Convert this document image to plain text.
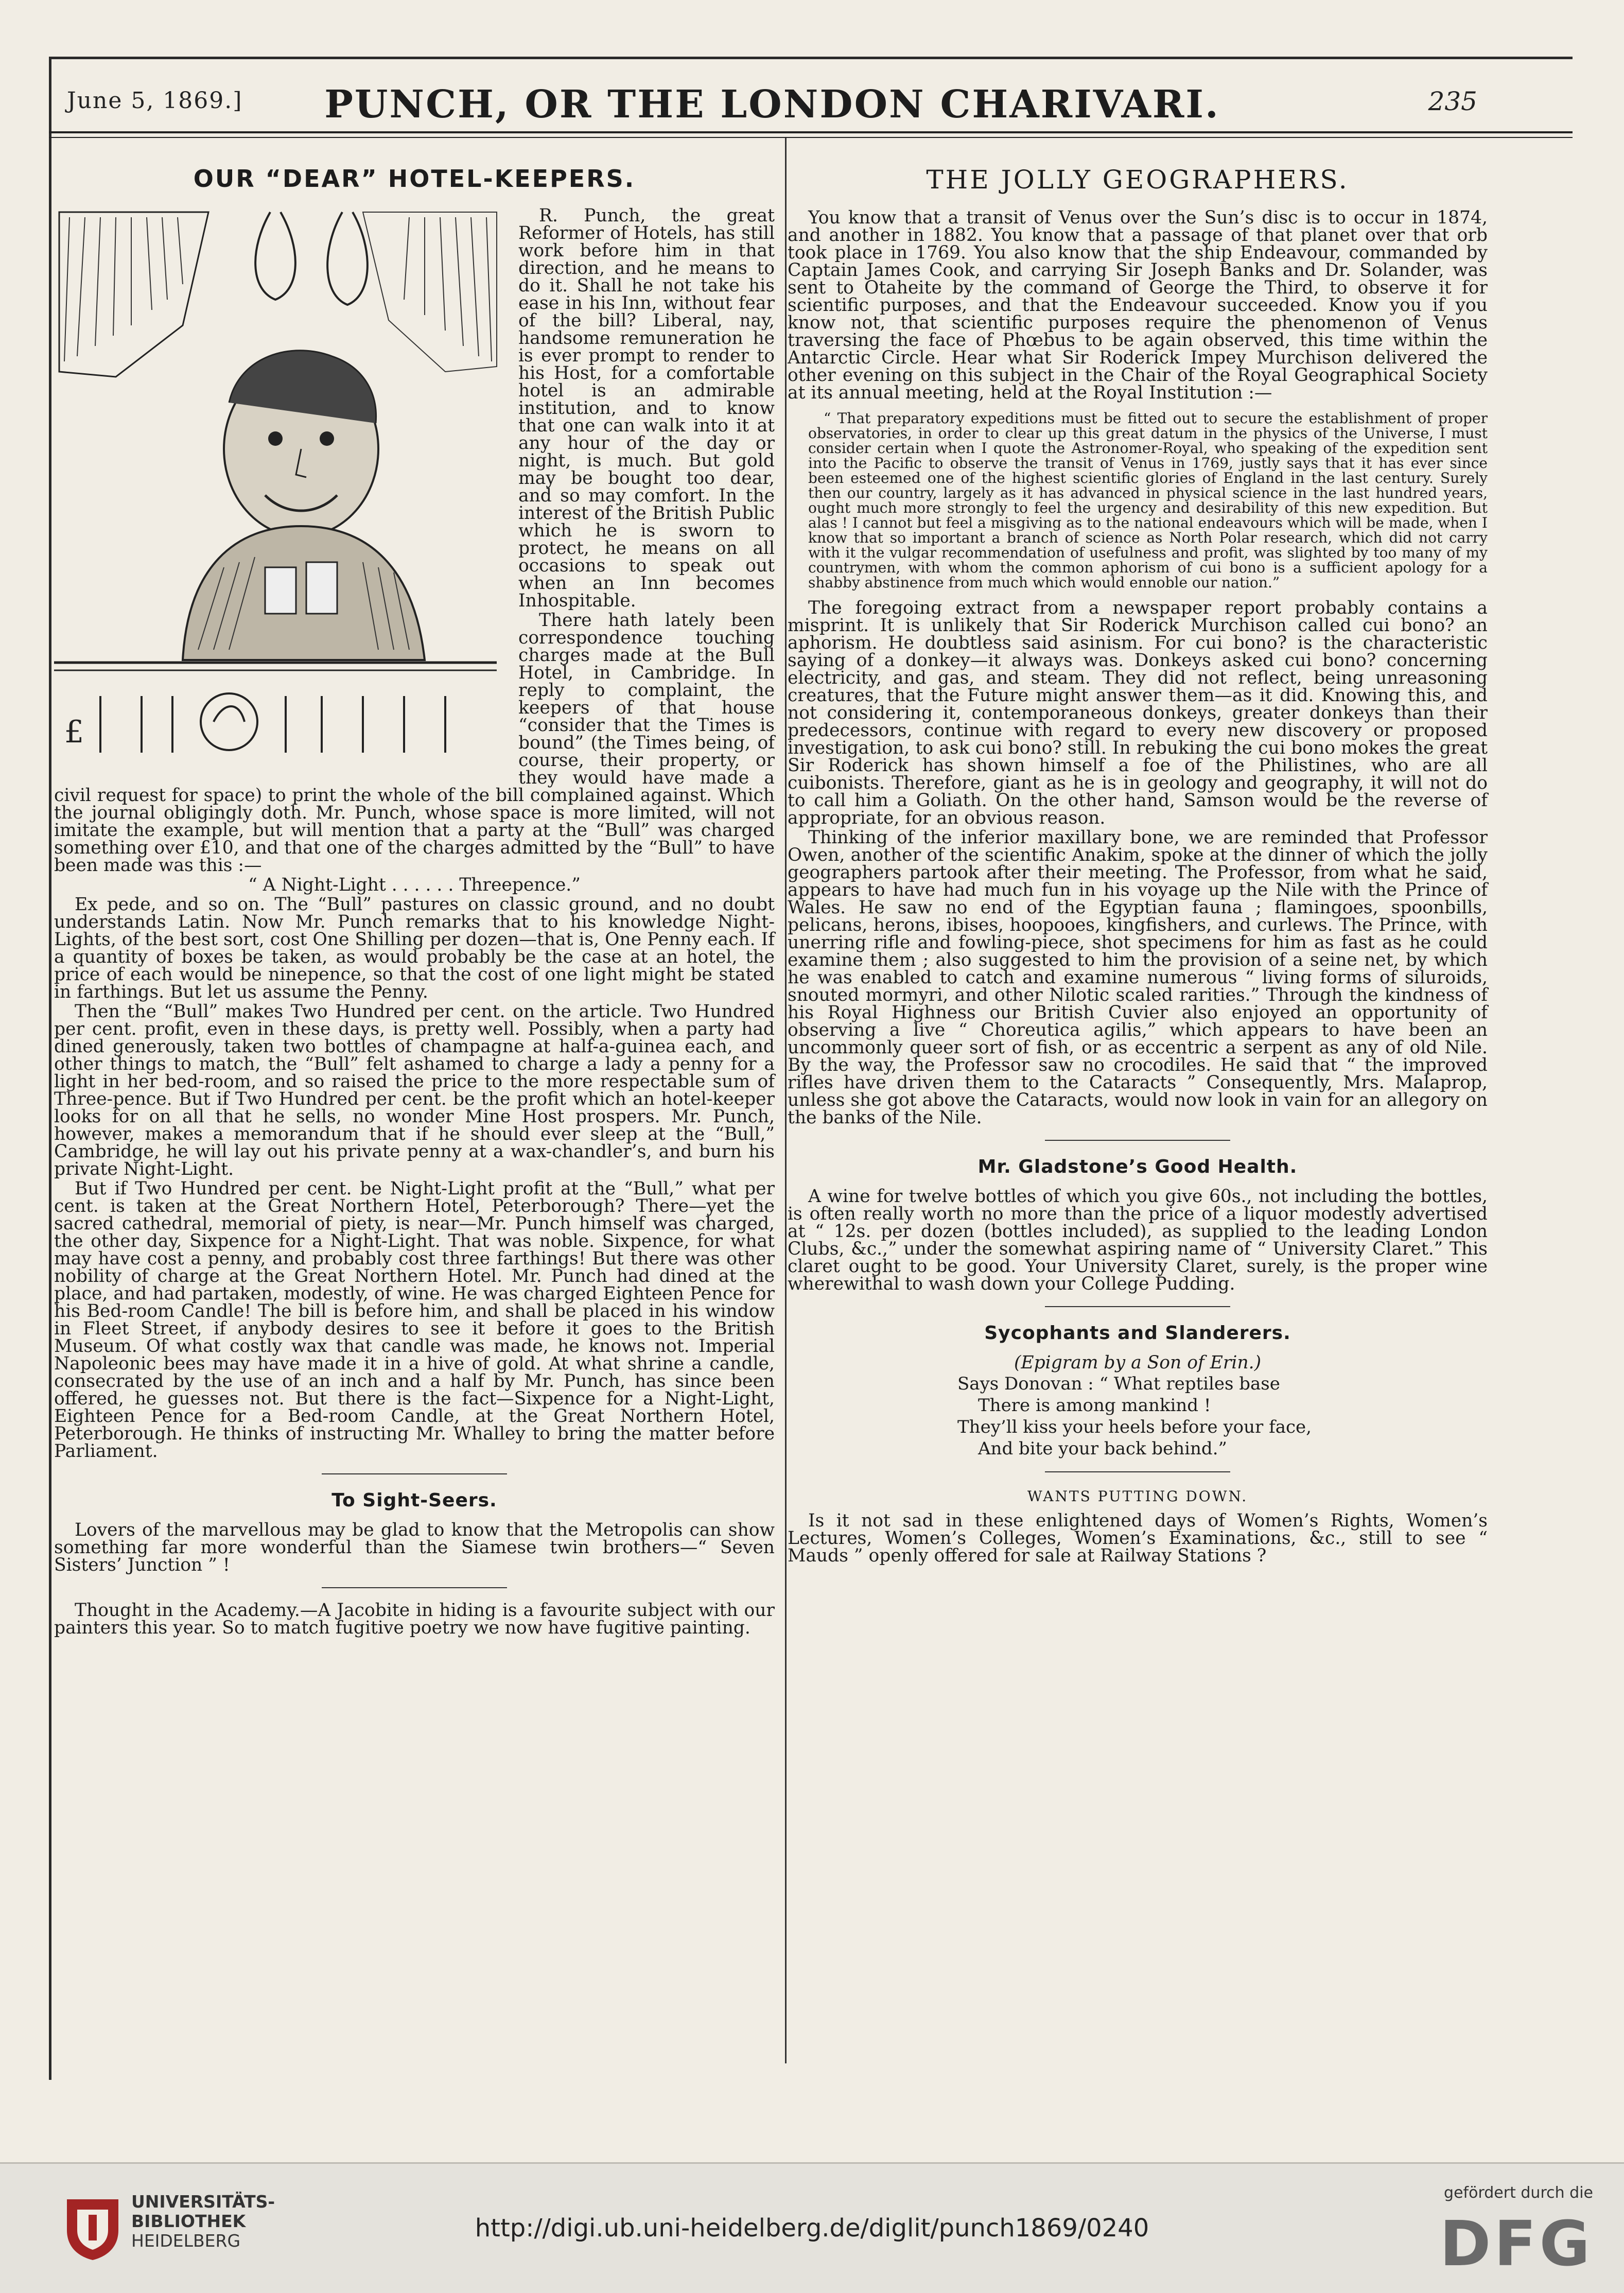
June 5, 1869.]	PUNCH, OR THE LONDON CHARIVARI.	235
OUR “DEAR” HOTEL-KEEPERS.
£

R. Punch, the great Reformer of Hotels, has still work before him in that direction, and he means to do it. Shall he not take his ease in his Inn, without fear of the bill? Liberal, nay, handsome remuneration he is ever prompt to render to his Host, for a comfortable hotel is an admirable institution, and to know that one can walk into it at any hour of the day or night, is much. But gold may be bought too dear, and so may comfort. In the interest of the British Public which he is sworn to protect, he means on all occasions to speak out when an Inn becomes Inhospitable.

There hath lately been correspondence touching charges made at the Bull Hotel, in Cambridge. In reply to complaint, the keepers of that house “consider that the Times is bound” (the Times being, of course, their property, or they would have made a civil request for space) to print the whole of the bill complained against. Which the journal obligingly doth. Mr. Punch, whose space is more limited, will not imitate the example, but will mention that a party at the “Bull” was charged something over £10, and that one of the charges admitted by the “Bull” to have been made was this :—

“ A Night-Light . . . . . . Threepence.”

Ex pede, and so on. The “Bull” pastures on classic ground, and no doubt understands Latin. Now Mr. Punch remarks that to his knowledge Night-Lights, of the best sort, cost One Shilling per dozen—that is, One Penny each. If a quantity of boxes be taken, as would probably be the case at an hotel, the price of each would be ninepence, so that the cost of one light might be stated in farthings. But let us assume the Penny.

Then the “Bull” makes Two Hundred per cent. on the article. Two Hundred per cent. profit, even in these days, is pretty well. Possibly, when a party had dined generously, taken two bottles of champagne at half-a-guinea each, and other things to match, the “Bull” felt ashamed to charge a lady a penny for a light in her bed-room, and so raised the price to the more respectable sum of Three-pence. But if Two Hundred per cent. be the profit which an hotel-keeper looks for on all that he sells, no wonder Mine Host prospers. Mr. Punch, however, makes a memorandum that if he should ever sleep at the “Bull,” Cambridge, he will lay out his private penny at a wax-chandler’s, and burn his private Night-Light.

But if Two Hundred per cent. be Night-Light profit at the “Bull,” what per cent. is taken at the Great Northern Hotel, Peterborough? There—yet the sacred cathedral, memorial of piety, is near—Mr. Punch himself was charged, the other day, Sixpence for a Night-Light. That was noble. Sixpence, for what may have cost a penny, and probably cost three farthings! But there was other nobility of charge at the Great Northern Hotel. Mr. Punch had dined at the place, and had partaken, modestly, of wine. He was charged Eighteen Pence for his Bed-room Candle! The bill is before him, and shall be placed in his window in Fleet Street, if anybody desires to see it before it goes to the British Museum. Of what costly wax that candle was made, he knows not. Imperial Napoleonic bees may have made it in a hive of gold. At what shrine a candle, consecrated by the use of an inch and a half by Mr. Punch, has since been offered, he guesses not. But there is the fact—Sixpence for a Night-Light, Eighteen Pence for a Bed-room Candle, at the Great Northern Hotel, Peterborough. He thinks of instructing Mr. Whalley to bring the matter before Parliament.

To Sight-Seers.

Lovers of the marvellous may be glad to know that the Metropolis can show something far more wonderful than the Siamese twin brothers—“ Seven Sisters’ Junction ” !

Thought in the Academy.—A Jacobite in hiding is a favourite subject with our painters this year. So to match fugitive poetry we now have fugitive painting.

THE JOLLY GEOGRAPHERS.

You know that a transit of Venus over the Sun’s disc is to occur in 1874, and another in 1882. You know that a passage of that planet over that orb took place in 1769. You also know that the ship Endeavour, commanded by Captain James Cook, and carrying Sir Joseph Banks and Dr. Solander, was sent to Otaheite by the command of George the Third, to observe it for scientific purposes, and that the Endeavour succeeded. Know you if you know not, that scientific purposes require the phenomenon of Venus traversing the face of Phœbus to be again observed, this time within the Antarctic Circle. Hear what Sir Roderick Impey Murchison delivered the other evening on this subject in the Chair of the Royal Geographical Society at its annual meeting, held at the Royal Institution :—

“ That preparatory expeditions must be fitted out to secure the establishment of proper observatories, in order to clear up this great datum in the physics of the Universe, I must consider certain when I quote the Astronomer-Royal, who speaking of the expedition sent into the Pacific to observe the transit of Venus in 1769, justly says that it has ever since been esteemed one of the highest scientific glories of England in the last century. Surely then our country, largely as it has advanced in physical science in the last hundred years, ought much more strongly to feel the urgency and desirability of this new expedition. But alas ! I cannot but feel a misgiving as to the national endeavours which will be made, when I know that so important a branch of science as North Polar research, which did not carry with it the vulgar recommendation of usefulness and profit, was slighted by too many of my countrymen, with whom the common aphorism of cui bono is a sufficient apology for a shabby abstinence from much which would ennoble our nation.”

The foregoing extract from a newspaper report probably contains a misprint. It is unlikely that Sir Roderick Murchison called cui bono? an aphorism. He doubtless said asinism. For cui bono? is the characteristic saying of a donkey—it always was. Donkeys asked cui bono? concerning electricity, and gas, and steam. They did not reflect, being unreasoning creatures, that the Future might answer them—as it did. Knowing this, and not considering it, contemporaneous donkeys, greater donkeys than their predecessors, continue with regard to every new discovery or proposed investigation, to ask cui bono? still. In rebuking the cui bono mokes the great Sir Roderick has shown himself a foe of the Philistines, who are all cuibonists. Therefore, giant as he is in geology and geography, it will not do to call him a Goliath. On the other hand, Samson would be the reverse of appropriate, for an obvious reason.

Thinking of the inferior maxillary bone, we are reminded that Professor Owen, another of the scientific Anakim, spoke at the dinner of which the jolly geographers partook after their meeting. The Professor, from what he said, appears to have had much fun in his voyage up the Nile with the Prince of Wales. He saw no end of the Egyptian fauna ; flamingoes, spoonbills, pelicans, herons, ibises, hoopooes, kingfishers, and curlews. The Prince, with unerring rifle and fowling-piece, shot specimens for him as fast as he could examine them ; also suggested to him the provision of a seine net, by which he was enabled to catch and examine numerous “ living forms of siluroids, snouted mormyri, and other Nilotic scaled rarities.” Through the kindness of his Royal Highness our British Cuvier also enjoyed an opportunity of observing a live “ Choreutica agilis,” which appears to have been an uncommonly queer sort of fish, or as eccentric a serpent as any of old Nile. By the way, the Professor saw no crocodiles. He said that “ the improved rifles have driven them to the Cataracts ” Consequently, Mrs. Malaprop, unless she got above the Cataracts, would now look in vain for an allegory on the banks of the Nile.

Mr. Gladstone’s Good Health.

A wine for twelve bottles of which you give 60s., not including the bottles, is often really worth no more than the price of a liquor modestly advertised at “ 12s. per dozen (bottles included), as supplied to the leading London Clubs, &c.,” under the somewhat aspiring name of “ University Claret.” This claret ought to be good. Your University Claret, surely, is the proper wine wherewithal to wash down your College Pudding.

Sycophants and Slanderers.

(Epigram by a Son of Erin.)

Says Donovan : “ What reptiles base
There is among mankind !
They’ll kiss your heels before your face,
And bite your back behind.”
WANTS PUTTING DOWN.

Is it not sad in these enlightened days of Women’s Rights, Women’s Lectures, Women’s Colleges, Women’s Examinations, &c., still to see “ Mauds ” openly offered for sale at Railway Stations ?

UNIVERSITÄTS-
BIBLIOTHEK
HEIDELBERG	http://digi.ub.uni-heidelberg.de/diglit/punch1869/0240
gefördert durch die
DFG
